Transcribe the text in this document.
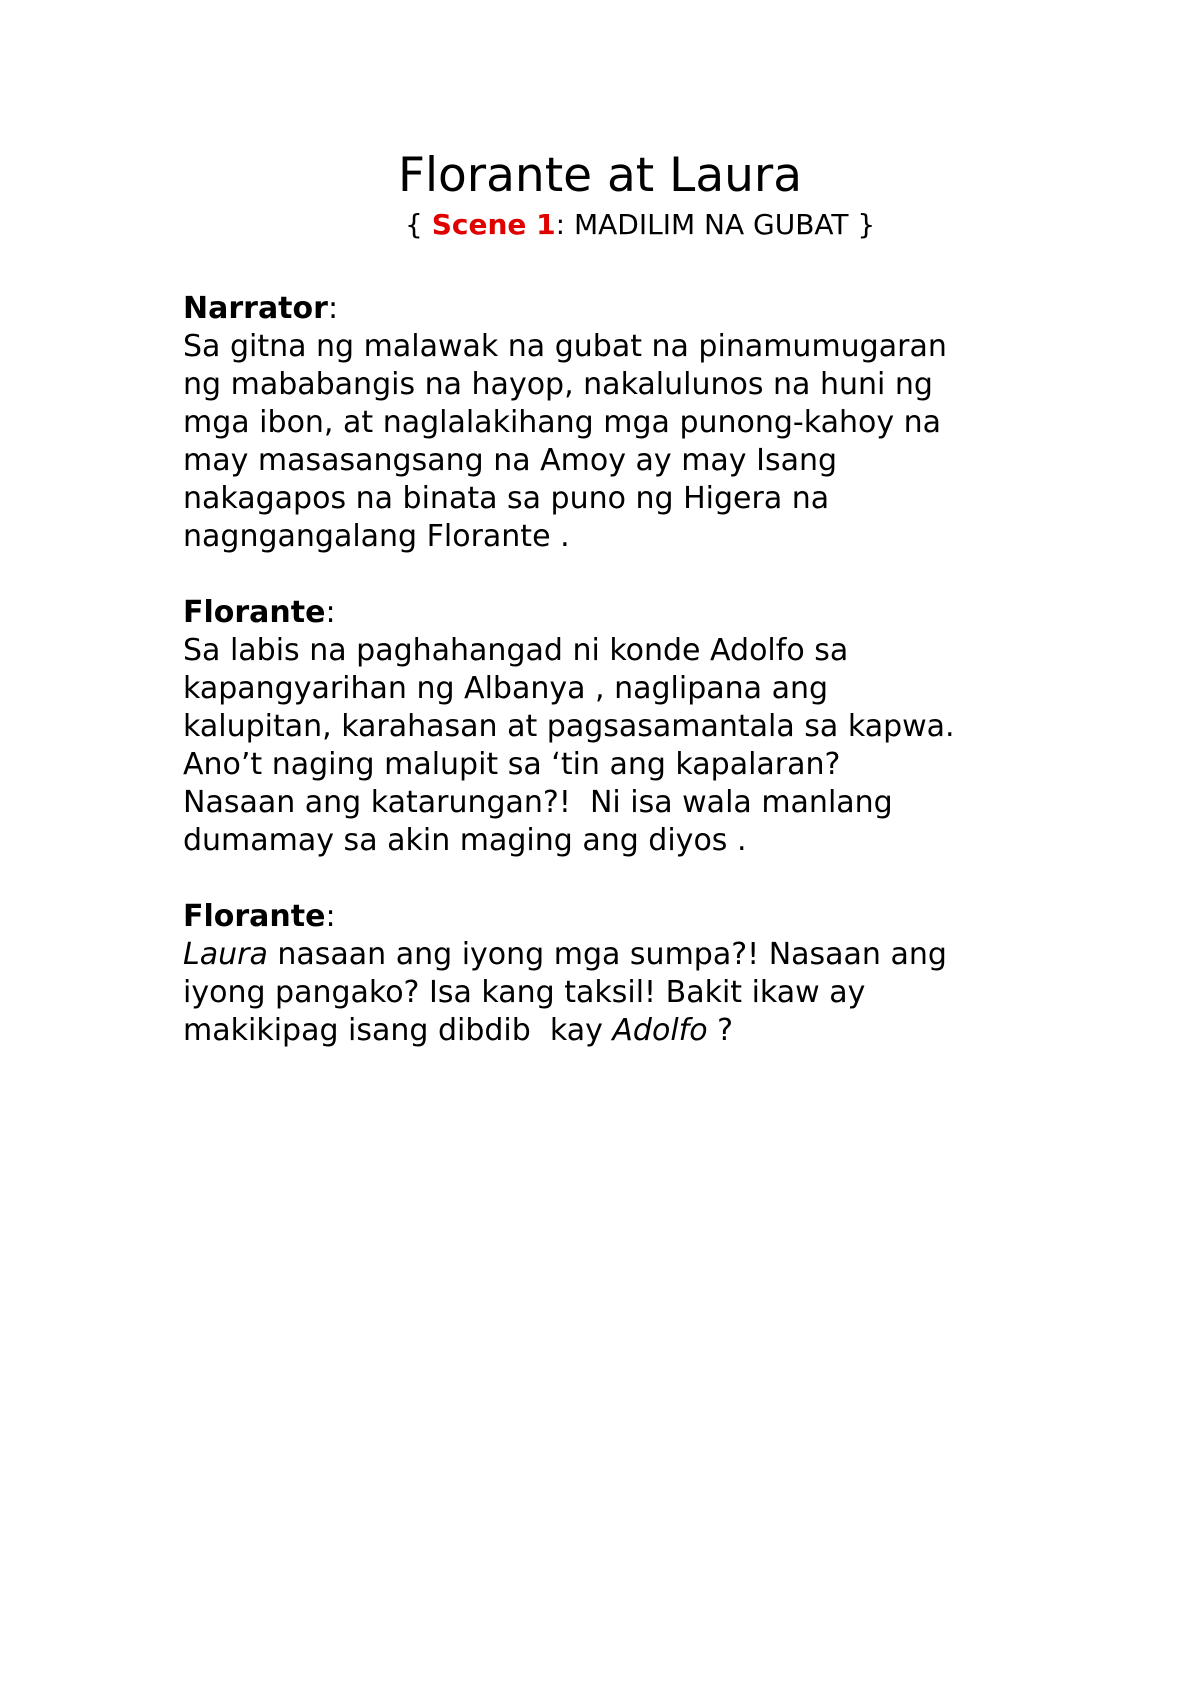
Florante at Laura
{ Scene 1: MADILIM NA GUBAT }
Narrator:
Sa gitna ng malawak na gubat na pinamumugaran
ng mababangis na hayop, nakalulunos na huni ng
mga ibon, at naglalakihang mga punong-kahoy na
may masasangsang na Amoy ay may Isang
nakagapos na binata sa puno ng Higera na
nagngangalang Florante .
Florante:
Sa labis na paghahangad ni konde Adolfo sa
kapangyarihan ng Albanya , naglipana ang
kalupitan, karahasan at pagsasamantala sa kapwa.
Ano’t naging malupit sa ‘tin ang kapalaran?
Nasaan ang katarungan?!  Ni isa wala manlang
dumamay sa akin maging ang diyos .
Florante:
Laura nasaan ang iyong mga sumpa?! Nasaan ang
iyong pangako? Isa kang taksil! Bakit ikaw ay
makikipag isang dibdib  kay Adolfo ?
